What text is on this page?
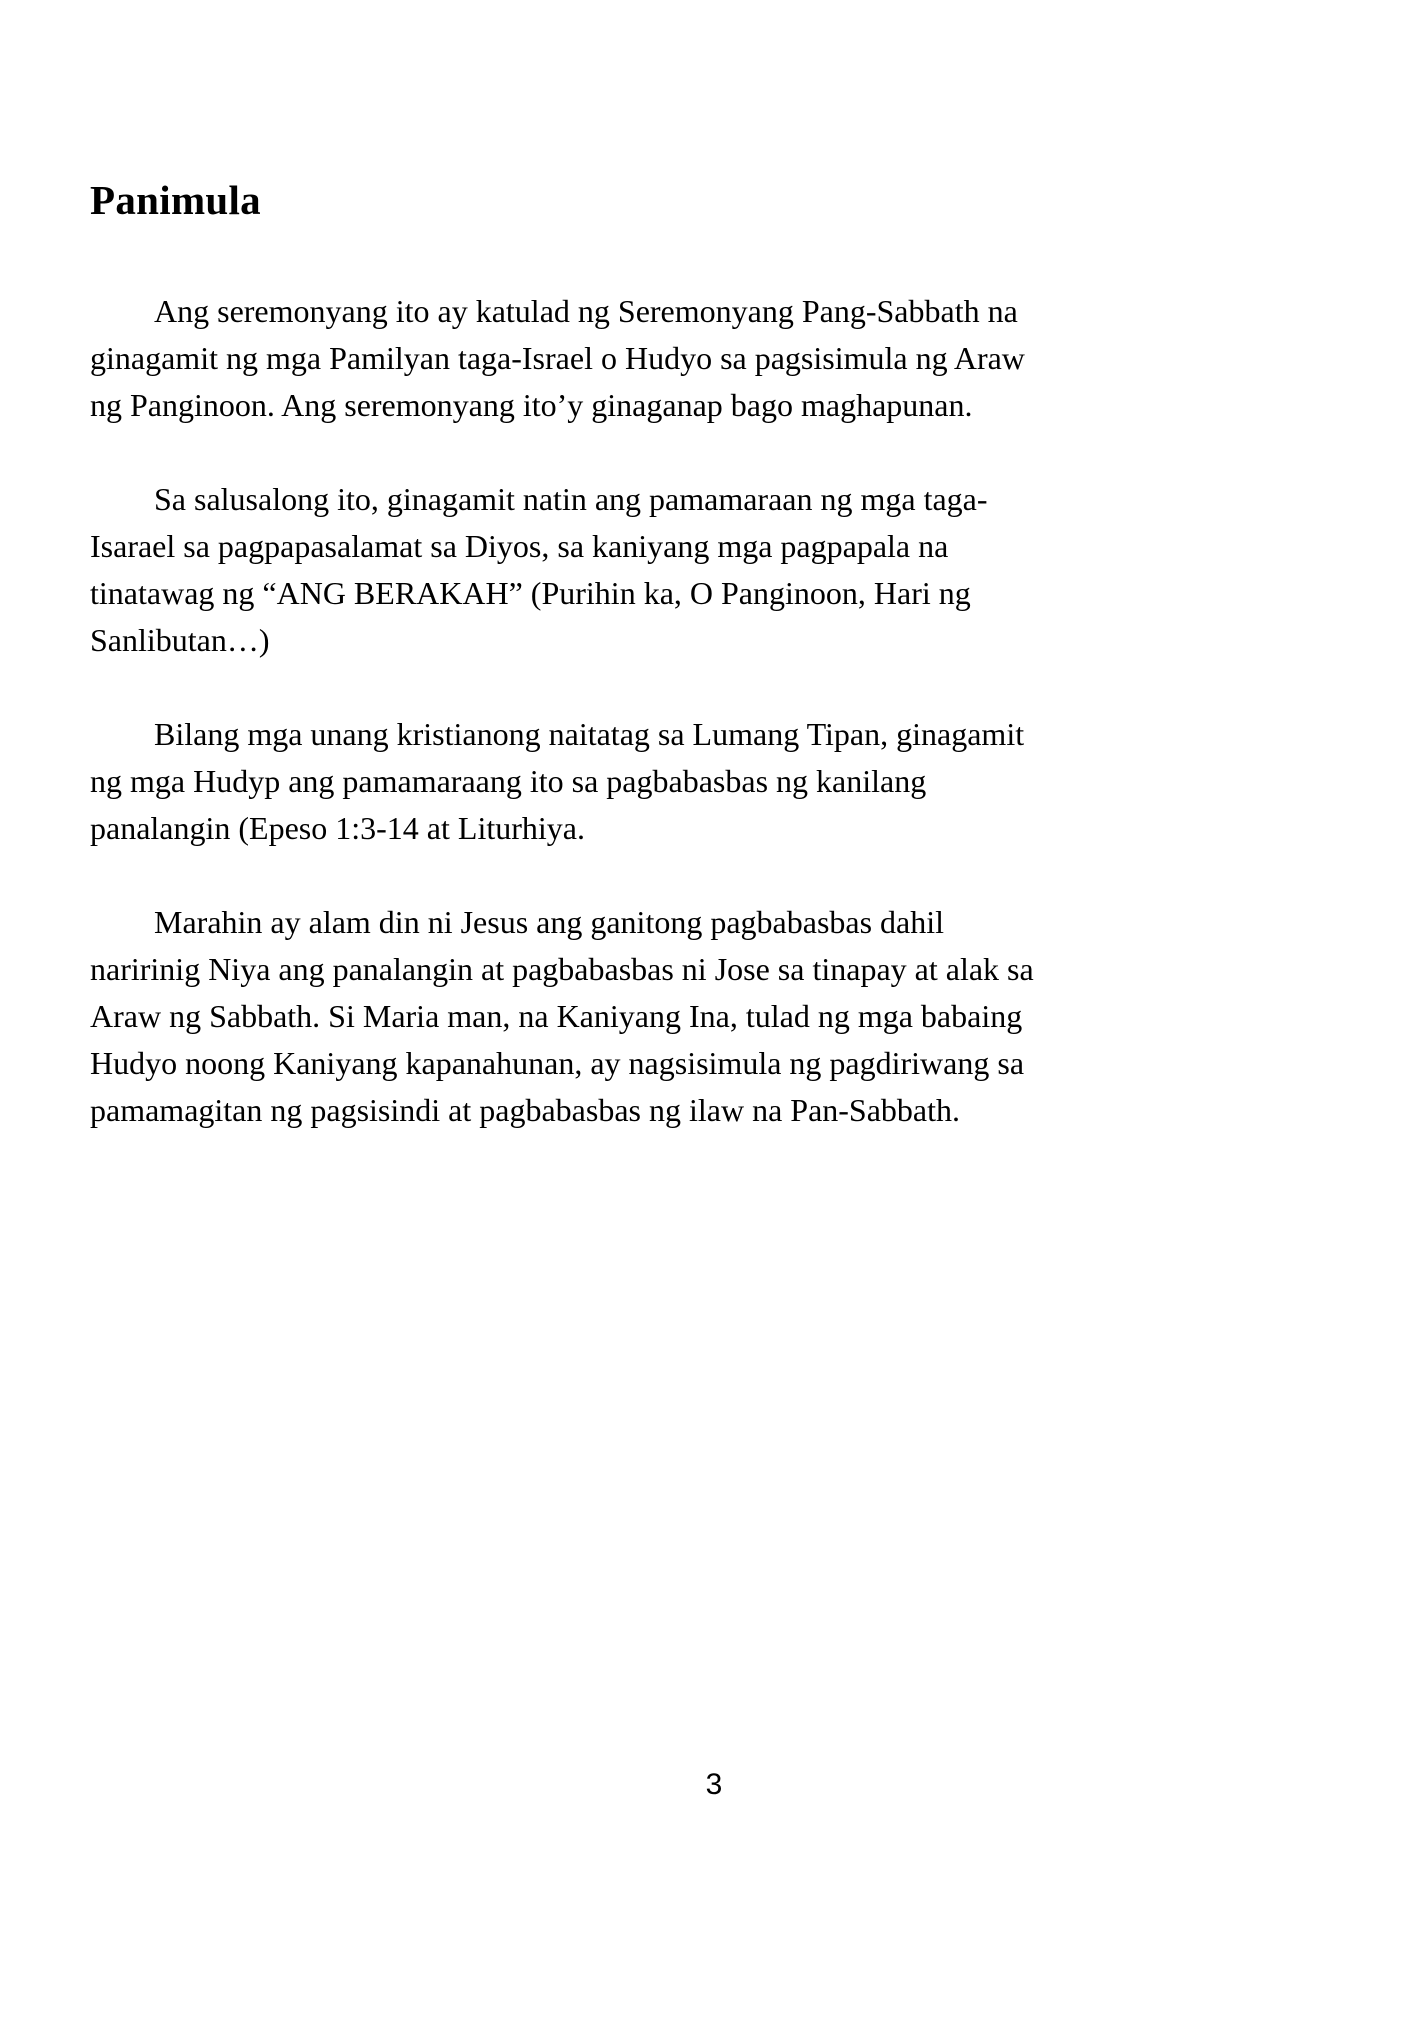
Panimula
Ang seremonyang ito ay katulad ng Seremonyang Pang-Sabbath na
ginagamit ng mga Pamilyan taga-Israel o Hudyo sa pagsisimula ng Araw
ng Panginoon. Ang seremonyang ito’y ginaganap bago maghapunan.
Sa salusalong ito, ginagamit natin ang pamamaraan ng mga taga-
Isarael sa pagpapasalamat sa Diyos, sa kaniyang mga pagpapala na
tinatawag ng “ANG BERAKAH” (Purihin ka, O Panginoon, Hari ng
Sanlibutan…)
Bilang mga unang kristianong naitatag sa Lumang Tipan, ginagamit
ng mga Hudyp ang pamamaraang ito sa pagbabasbas ng kanilang
panalangin (Epeso 1:3-14 at Liturhiya.
Marahin ay alam din ni Jesus ang ganitong pagbabasbas dahil
naririnig Niya ang panalangin at pagbabasbas ni Jose sa tinapay at alak sa
Araw ng Sabbath. Si Maria man, na Kaniyang Ina, tulad ng mga babaing
Hudyo noong Kaniyang kapanahunan, ay nagsisimula ng pagdiriwang sa
pamamagitan ng pagsisindi at pagbabasbas ng ilaw na Pan-Sabbath.
3
